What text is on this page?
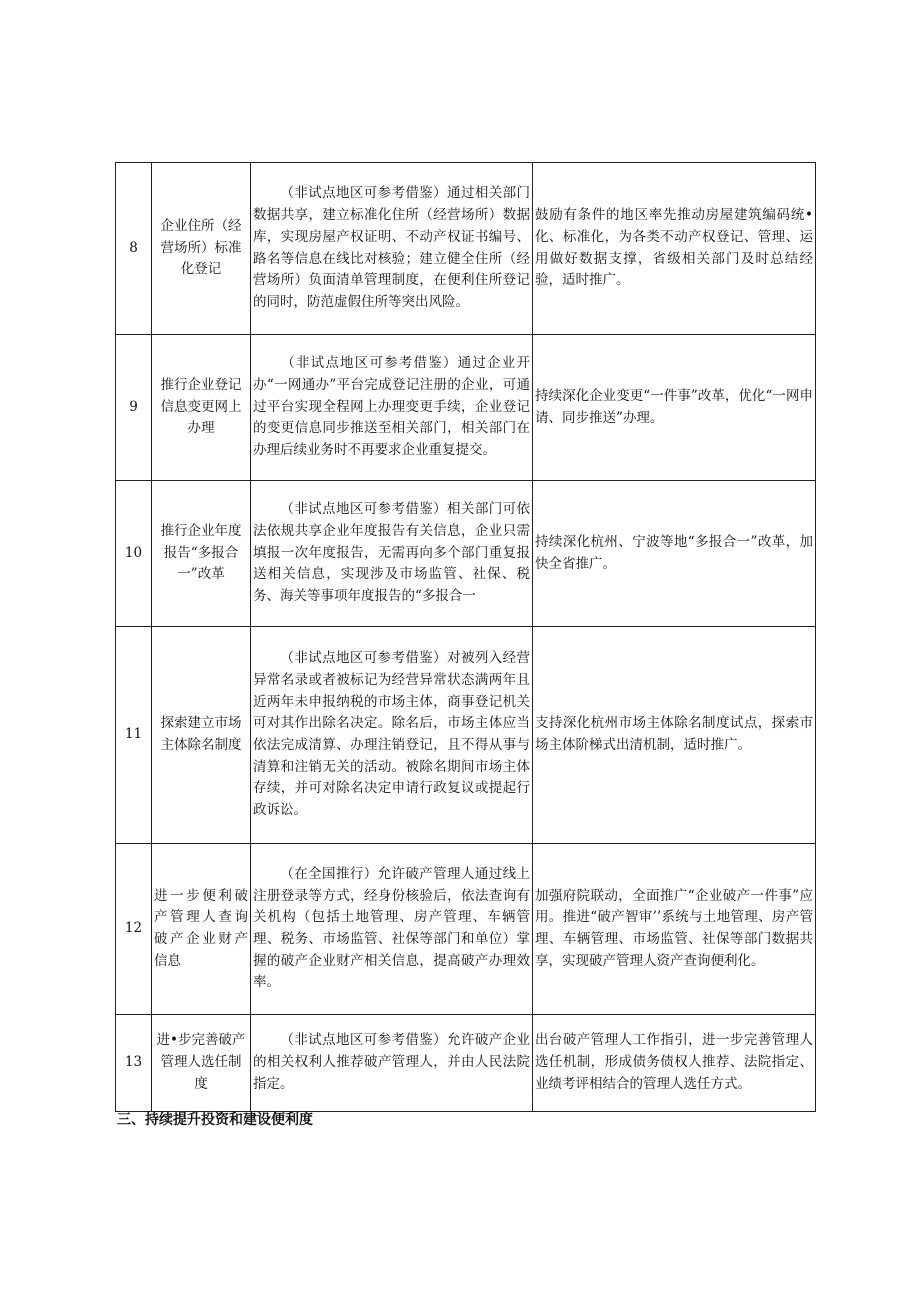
8	企业住所（经营场所）标准化登记	（非试点地区可参考借鉴）通过相关部门数据共享，建立标准化住所（经营场所）数据库，实现房屋产权证明、不动产权证书编号、路名等信息在线比对核验；建立健全住所（经营场所）负面清单管理制度，在便利住所登记的同时，防范虚假住所等突出风险。	鼓励有条件的地区率先推动房屋建筑编码统•化、标准化，为各类不动产权登记、管理、运用做好数据支撑，省级相关部门及时总结经验，适时推广。
9	推行企业登记信息变更网上办理	（非试点地区可参考借鉴）通过企业开办“一网通办”平台完成登记注册的企业，可通过平台实现全程网上办理变更手续，企业登记的变更信息同步推送至相关部门，相关部门在办理后续业务时不再要求企业重复提交。	持续深化企业变更“一件事”改革，优化“一网申请、同步推送”办理。
10	推行企业年度报告“多报合一”改革	（非试点地区可参考借鉴）相关部门可依法依规共享企业年度报告有关信息，企业只需填报一次年度报告，无需再向多个部门重复报送相关信息，实现涉及市场监管、社保、税务、海关等事项年度报告的“多报合一	持续深化杭州、宁波等地“多报合一”改革，加快全省推广。
11	探索建立市场主体除名制度	（非试点地区可参考借鉴）对被列入经营异常名录或者被标记为经营异常状态满两年且近两年未申报纳税的市场主体，商事登记机关可对其作出除名决定。除名后，市场主体应当依法完成清算、办理注销登记，且不得从事与清算和注销无关的活动。被除名期间市场主体存续，并可对除名决定申请行政复议或提起行政诉讼。	支持深化杭州市场主体除名制度试点，探索市场主体阶梯式出清机制，适时推广。
12	进一步便利破产管理人查询破产企业财产信息	（在全国推行）允许破产管理人通过线上注册登录等方式，经身份核验后，依法查询有关机构（包括土地管理、房产管理、车辆管理、税务、市场监管、社保等部门和单位）掌握的破产企业财产相关信息，提高破产办理效率。	加强府院联动，全面推广“企业破产一件事”应用。推进“破产智审’’系统与土地管理、房产管理、车辆管理、市场监管、社保等部门数据共享，实现破产管理人资产查询便利化。
13	进•步完善破产管理人选任制度	（非试点地区可参考借鉴）允许破产企业的相关权利人推荐破产管理人，并由人民法院指定。	出台破产管理人工作指引，进一步完善管理人选任机制，形成债务债权人推荐、法院指定、业绩考评相结合的管理人选任方式。
三、持续提升投资和建设便利度
